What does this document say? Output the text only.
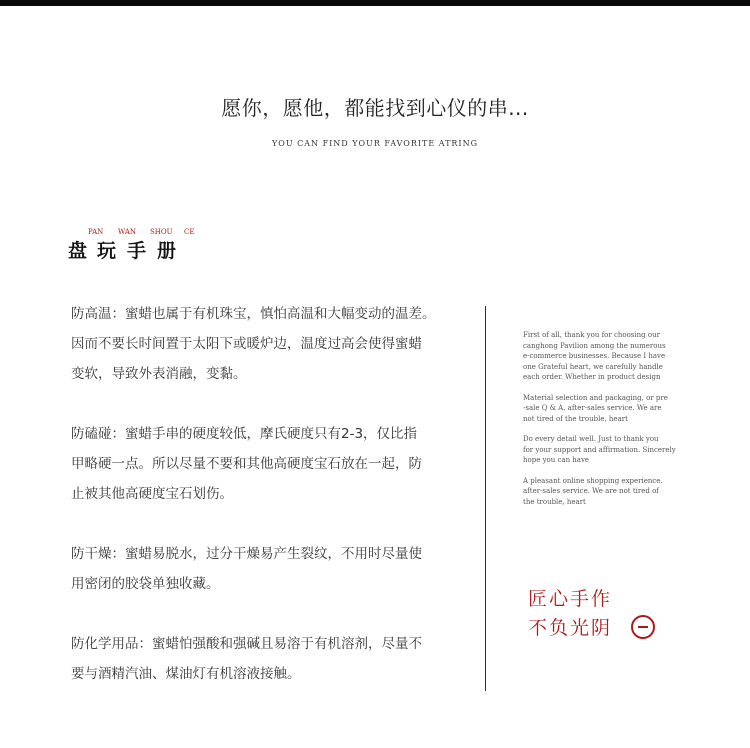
愿你，愿他，都能找到心仪的串...
YOU CAN FIND YOUR FAVORITE ATRING
盘 玩 手 册
PAN WAN SHOU CE
防高温：蜜蜡也属于有机珠宝，慎怕高温和大幅变动的温差。
因而不要长时间置于太阳下或暖炉边，温度过高会使得蜜蜡
变软，导致外表消融，变黏。
防磕碰：蜜蜡手串的硬度较低，摩氏硬度只有2-3，仅比指
甲略硬一点。所以尽量不要和其他高硬度宝石放在一起，防
止被其他高硬度宝石划伤。
防干燥：蜜蜡易脱水，过分干燥易产生裂纹，不用时尽量使
用密闭的胶袋单独收藏。
防化学用品：蜜蜡怕强酸和强碱且易溶于有机溶剂，尽量不
要与酒精汽油、煤油灯有机溶液接触。

First of all, thank you for choosing our
canghong Pavilion among the numerous
e-commerce businesses. Because I have
one Grateful heart, we carefully handle
each order. Whether in product design

Material selection and packaging, or pre
-sale Q & A, after-sales service. We are
not tired of the trouble, heart

Do every detail well. Just to thank you
for your support and affirmation. Sincerely
hope you can have

A pleasant online shopping experience.
after-sales service. We are not tired of
the trouble, heart

匠心手作
不负光阴
